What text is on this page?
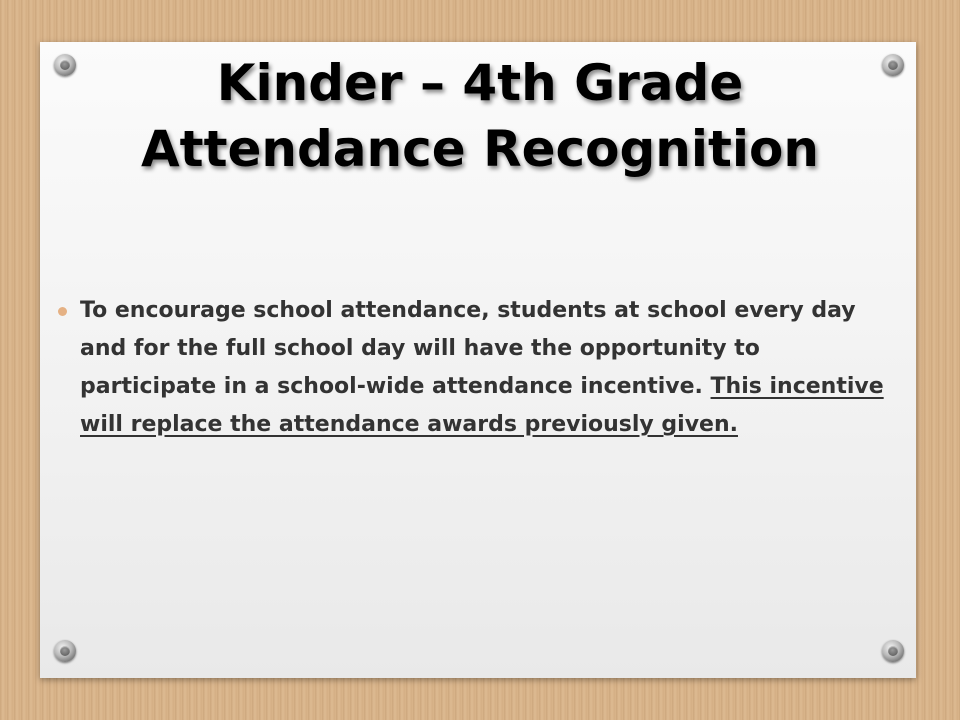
Kinder – 4th Grade
Attendance Recognition
To encourage school attendance, students at school every day and for the full school day will have the opportunity to participate in a school-wide attendance incentive. This incentive will replace the attendance awards previously given.
